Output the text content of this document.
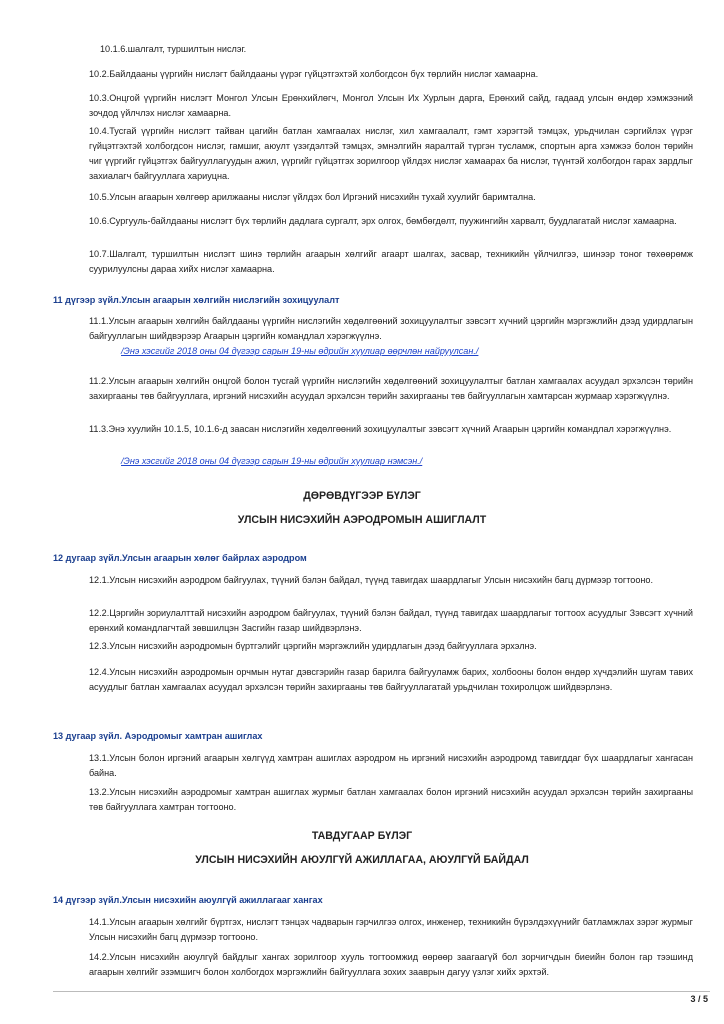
10.1.6.шалгалт, туршилтын нислэг.
10.2.Байлдааны үүргийн нислэгт байлдааны үүрэг гүйцэтгэхтэй холбогдсон бүх төрлийн нислэг хамаарна.
10.3.Онцгой үүргийн нислэгт Монгол Улсын Ерөнхийлөгч, Монгол Улсын Их Хурлын дарга, Ерөнхий сайд, гадаад улсын өндөр хэмжээний зочдод үйлчлэх нислэг хамаарна.
10.4.Тусгай үүргийн нислэгт тайван цагийн батлан хамгаалах нислэг, хил хамгаалалт, гэмт хэрэгтэй тэмцэх, урьдчилан сэргийлэх үүрэг гүйцэтгэхтэй холбогдсон нислэг, гамшиг, аюулт үзэгдэлтэй тэмцэх, эмнэлгийн яаралтай түргэн тусламж, спортын арга хэмжээ болон төрийн чиг үүргийг гүйцэтгэх байгууллагуудын ажил, үүргийг гүйцэтгэх зорилгоор үйлдэх нислэг хамаарах ба нислэг, түүнтэй холбогдон гарах зардлыг захиалагч байгууллага хариуцна.
10.5.Улсын агаарын хөлгөөр арилжааны нислэг үйлдэх бол Иргэний нисэхийн тухай хуулийг баримтална.
10.6.Сургууль-байлдааны нислэгт бүх төрлийн дадлага сургалт, эрх олгох, бөмбөгдөлт, пуужингийн харвалт, буудлагатай нислэг хамаарна.
10.7.Шалгалт, туршилтын нислэгт шинэ төрлийн агаарын хөлгийг агаарт шалгах, засвар, техникийн үйлчилгээ, шинээр тоног төхөөрөмж суурилуулсны дараа хийх нислэг хамаарна.
11 дүгээр зүйл.Улсын агаарын хөлгийн нислэгийн зохицуулалт
11.1.Улсын агаарын хөлгийн байлдааны үүргийн нислэгийн хөдөлгөөний зохицуулалтыг зэвсэгт хүчний цэргийн мэргэжлийн дээд удирдлагын байгууллагын шийдвэрээр Агаарын цэргийн командлал хэрэгжүүлнэ.
/Энэ хэсгийг 2018 оны 04 дүгээр сарын 19-ны өдрийн хуулиар өөрчлөн найруулсан./
11.2.Улсын агаарын хөлгийн онцгой болон тусгай үүргийн нислэгийн хөдөлгөөний зохицуулалтыг батлан хамгаалах асуудал эрхэлсэн төрийн захиргааны төв байгууллага, иргэний нисэхийн асуудал эрхэлсэн төрийн захиргааны төв байгууллагын хамтарсан журмаар хэрэгжүүлнэ.
11.3.Энэ хуулийн 10.1.5, 10.1.6-д заасан нислэгийн хөдөлгөөний зохицуулалтыг зэвсэгт хүчний Агаарын цэргийн командлал хэрэгжүүлнэ.
/Энэ хэсгийг 2018 оны 04 дүгээр сарын 19-ны өдрийн хуулиар нэмсэн./
ДӨРӨВДҮГЭЭР БҮЛЭГ
УЛСЫН НИСЭХИЙН АЭРОДРОМЫН АШИГЛАЛТ
12 дугаар зүйл.Улсын агаарын хөлөг байрлах аэродром
12.1.Улсын нисэхийн аэродром байгуулах, түүний бэлэн байдал, түүнд тавигдах шаардлагыг Улсын нисэхийн багц дүрмээр тогтооно.
12.2.Цэргийн зориулалттай нисэхийн аэродром байгуулах, түүний бэлэн байдал, түүнд тавигдах шаардлагыг тогтоох асуудлыг Зэвсэгт хүчний ерөнхий командлагчтай зөвшилцэн Засгийн газар шийдвэрлэнэ.
12.3.Улсын нисэхийн аэродромын бүртгэлийг цэргийн мэргэжлийн удирдлагын дээд байгууллага эрхэлнэ.
12.4.Улсын нисэхийн аэродромын орчмын нутаг дэвсгэрийн газар барилга байгууламж барих, холбооны болон өндөр хүчдэлийн шугам тавих асуудлыг батлан хамгаалах асуудал эрхэлсэн төрийн захиргааны төв байгууллагатай урьдчилан тохиролцож шийдвэрлэнэ.
13 дугаар зүйл. Аэродромыг хамтран ашиглах
13.1.Улсын болон иргэний агаарын хөлгүүд хамтран ашиглах аэродром нь иргэний нисэхийн аэродромд тавигддаг бүх шаардлагыг хангасан байна.
13.2.Улсын нисэхийн аэродромыг хамтран ашиглах журмыг батлан хамгаалах болон иргэний нисэхийн асуудал эрхэлсэн төрийн захиргааны төв байгууллага хамтран тогтооно.
ТАВДУГААР БҮЛЭГ
УЛСЫН НИСЭХИЙН АЮУЛГҮЙ АЖИЛЛАГАА, АЮУЛГҮЙ БАЙДАЛ
14 дүгээр зүйл.Улсын нисэхийн аюулгүй ажиллагааг хангах
14.1.Улсын агаарын хөлгийг бүртгэх, нислэгт тэнцэх чадварын гэрчилгээ олгох, инженер, техникийн бүрэлдэхүүнийг батламжлах зэрэг журмыг Улсын нисэхийн багц дүрмээр тогтооно.
14.2.Улсын нисэхийн аюулгүй байдлыг хангах зорилгоор хууль тогтоомжид өөрөөр заагаагүй бол зорчигчдын биеийн болон гар тээшинд агаарын хөлгийг эзэмшигч болон холбогдох мэргэжлийн байгууллага зохих зааврын дагуу үзлэг хийх эрхтэй.
3 / 5
